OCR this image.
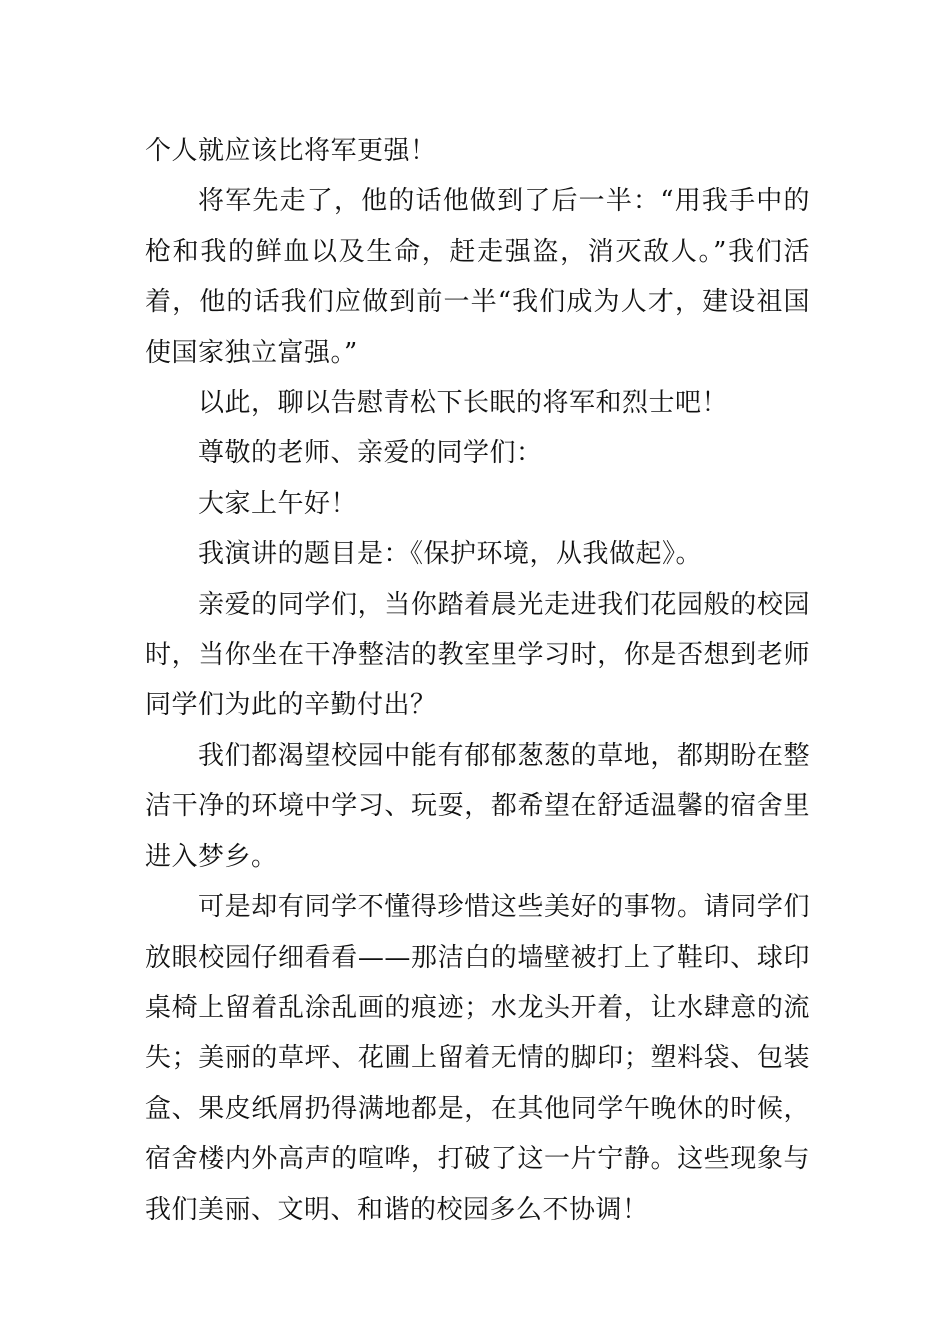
个人就应该比将军更强！

将军先走了，他的话他做到了后一半：“用我手中的枪和我的鲜血以及生命，赶走强盗，消灭敌人。”我们活着，他的话我们应做到前一半“我们成为人才，建设祖国使国家独立富强。”

以此，聊以告慰青松下长眠的将军和烈士吧！

尊敬的老师、亲爱的同学们：

大家上午好！

我演讲的题目是：《保护环境，从我做起》。

亲爱的同学们，当你踏着晨光走进我们花园般的校园时，当你坐在干净整洁的教室里学习时，你是否想到老师同学们为此的辛勤付出？

我们都渴望校园中能有郁郁葱葱的草地，都期盼在整洁干净的环境中学习、玩耍，都希望在舒适温馨的宿舍里进入梦乡。

可是却有同学不懂得珍惜这些美好的事物。请同学们放眼校园仔细看看——那洁白的墙壁被打上了鞋印、球印桌椅上留着乱涂乱画的痕迹；水龙头开着，让水肆意的流失；美丽的草坪、花圃上留着无情的脚印；塑料袋、包装盒、果皮纸屑扔得满地都是，在其他同学午晚休的时候，宿舍楼内外高声的喧哗，打破了这一片宁静。这些现象与我们美丽、文明、和谐的校园多么不协调！
